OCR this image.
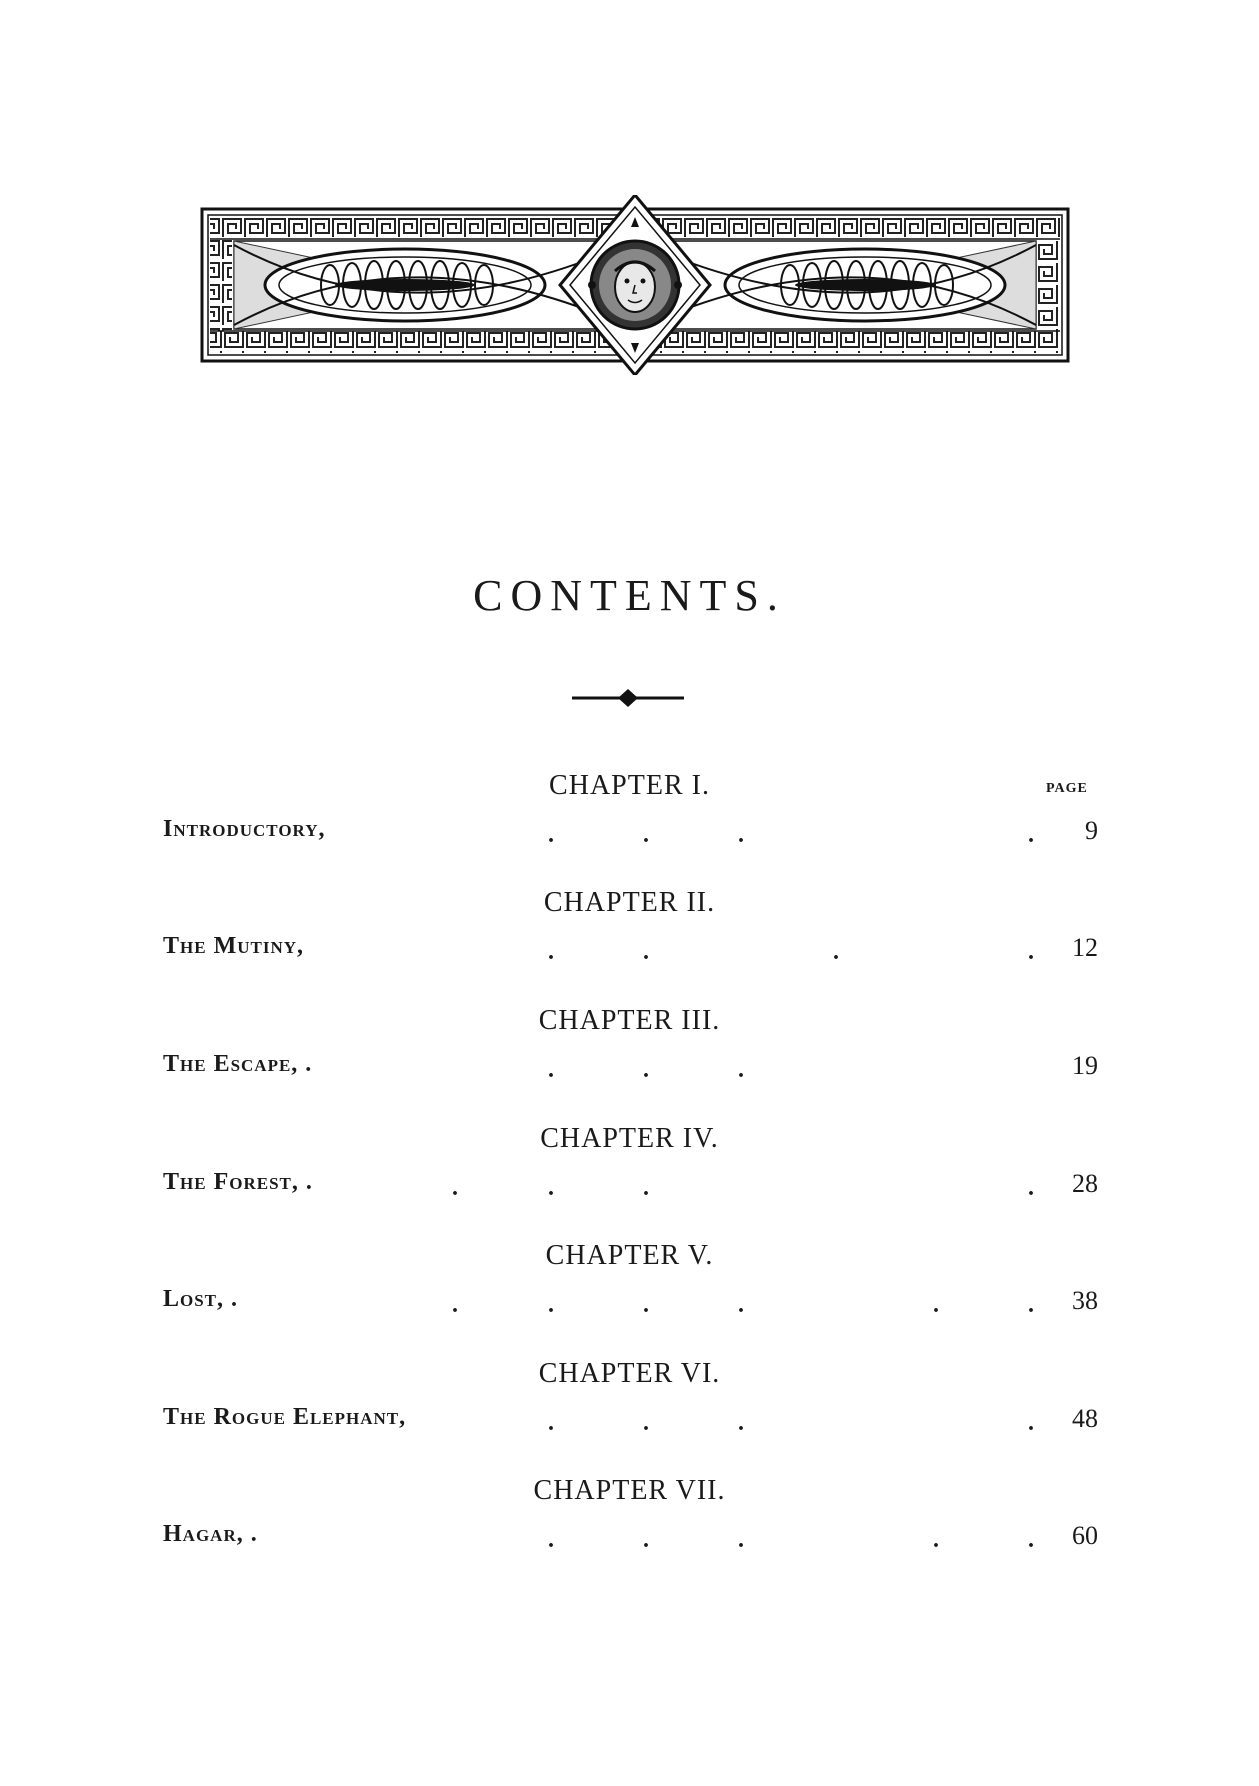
CONTENTS.
PAGE
CHAPTER I.
Introductory,	.	.	.	. 9
CHAPTER II.
The Mutiny,	.	.	.	. 12
CHAPTER III.
The Escape, .	.	.	.	19
CHAPTER IV.
The Forest, .	.	.	.	. 28
CHAPTER V.
Lost, .	.	.	.	.	.	. 38
CHAPTER VI.
The Rogue Elephant,	.	.	.	. 48
CHAPTER VII.
Hagar, .	.	.	.	.	. 60
